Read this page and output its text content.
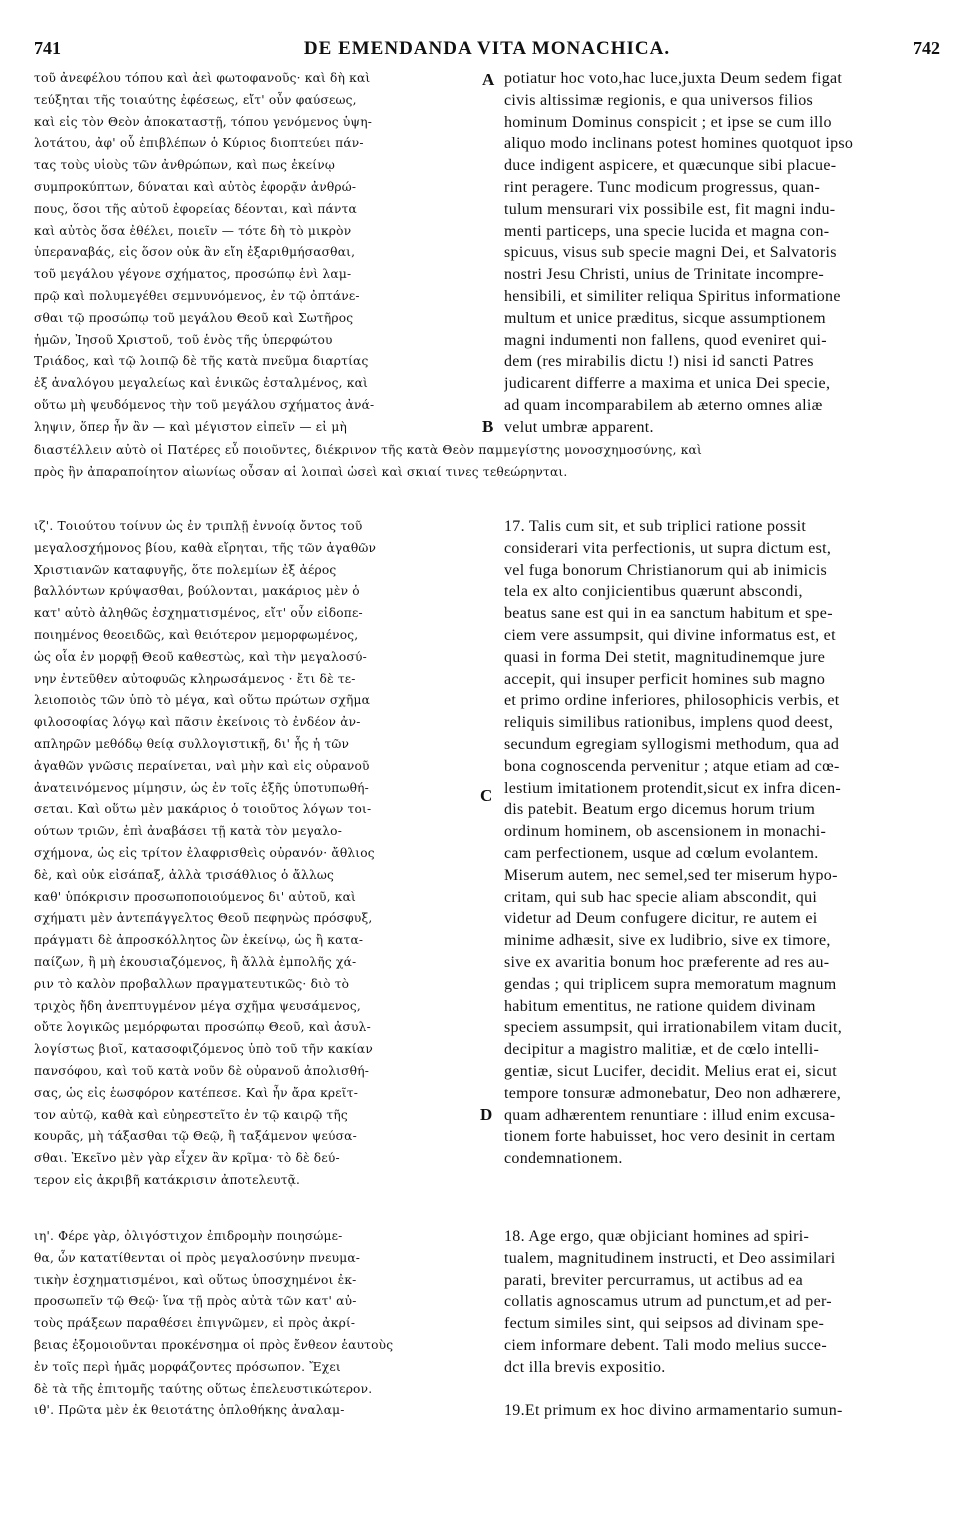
741	DE EMENDANDA VITA MONACHICA.	742
τοῦ ἀνεφέλου τόπου καὶ ἀεὶ φωτοφανοῦς· καὶ δὴ καὶ
τεύξηται τῆς τοιαύτης ἐφέσεως, εἴτ' οὖν φαύσεως,
καὶ εἰς τὸν Θεὸν ἀποκαταστῇ, τόπου γενόμενος ὑψη-
λοτάτου, ἀφ' οὗ ἐπιβλέπων ὁ Κύριος διοπτεύει πάν-
τας τοὺς υἱοὺς τῶν ἀνθρώπων, καὶ πως ἐκείνῳ
συμπροκύπτων, δύναται καὶ αὐτὸς ἐφορᾷν ἀνθρώ-
πους, ὅσοι τῆς αὐτοῦ ἐφορείας δέονται, καὶ πάντα
καὶ αὐτὸς ὅσα ἐθέλει, ποιεῖν — τότε δὴ τὸ μικρὸν
ὑπεραναβάς, εἰς ὅσον οὐκ ἂν εἴη ἐξαριθμήσασθαι,
τοῦ μεγάλου γέγονε σχήματος, προσώπῳ ἑνὶ λαμ-
πρῷ καὶ πολυμεγέθει σεμνυνόμενος, ἐν τῷ ὀπτάνε-
σθαι τῷ προσώπῳ τοῦ μεγάλου Θεοῦ καὶ Σωτῆρος
ἡμῶν, Ἰησοῦ Χριστοῦ, τοῦ ἑνὸς τῆς ὑπερφώτου
Τριάδος, καὶ τῷ λοιπῷ δὲ τῆς κατὰ πνεῦμα διαρτίας
ἐξ ἀναλόγου μεγαλείως καὶ ἑνικῶς ἐσταλμένος, καὶ
οὕτω μὴ ψευδόμενος τὴν τοῦ μεγάλου σχήματος ἀνά-
ληψιν, ὅπερ ἦν ἂν — καὶ μέγιστον εἰπεῖν — εἰ μὴ
potiatur hoc voto,hac luce,juxta Deum sedem figat
civis altissimæ regionis, e qua universos filios
hominum Dominus conspicit ; et ipse se cum illo
aliquo modo inclinans potest homines quotquot ipso
duce indigent aspicere, et quæcunque sibi placue-
rint peragere. Tunc modicum progressus, quan-
tulum mensurari vix possibile est, fit magni indu-
menti particeps, una specie lucida et magna con-
spicuus, visus sub specie magni Dei, et Salvatoris
nostri Jesu Christi, unius de Trinitate incompre-
hensibili, et similiter reliqua Spiritus informatione
multum et unice præditus, sicque assumptionem
magni indumenti non fallens, quod eveniret qui-
dem (res mirabilis dictu !) nisi id sancti Patres
judicarent differre a maxima et unica Dei specie,
ad quam incomparabilem ab æterno omnes aliæ
velut umbræ apparent.
διαστέλλειν αὐτὸ οἱ Πατέρες εὖ ποιοῦντες, διέκρινον τῆς κατὰ Θεὸν παμμεγίστης μονοσχημοσύνης, καὶ
πρὸς ἣν ἀπαραποίητον αἰωνίως οὖσαν αἱ λοιπαὶ ὡσεὶ καὶ σκιαί τινες τεθεώρηνται.
ιζ'. Τοιούτου τοίνυν ὡς ἐν τριπλῇ ἐννοίᾳ ὄντος τοῦ
μεγαλοσχήμονος βίου, καθὰ εἴρηται, τῆς τῶν ἀγαθῶν
Χριστιανῶν καταφυγῆς, ὅτε πολεμίων ἐξ ἀέρος
βαλλόντων κρύψασθαι, βούλονται, μακάριος μὲν ὁ
κατ' αὐτὸ ἀληθῶς ἐσχηματισμένος, εἴτ' οὖν εἰδοπε-
ποιημένος θεοειδῶς, καὶ θειότερον μεμορφωμένος,
ὡς οἷα ἐν μορφῇ Θεοῦ καθεστὼς, καὶ τὴν μεγαλοσύ-
νην ἐντεῦθεν αὐτοφυῶς κληρωσάμενος · ἔτι δὲ τε-
λειοποιὸς τῶν ὑπὸ τὸ μέγα, καὶ οὕτω πρώτων σχῆμα
φιλοσοφίας λόγῳ καὶ πᾶσιν ἐκείνοις τὸ ἐνδέον ἀν-
απληρῶν μεθόδῳ θείᾳ συλλογιστικῇ, δι' ἧς ἡ τῶν
ἀγαθῶν γνῶσις περαίνεται, ναὶ μὴν καὶ εἰς οὐρανοῦ
ἀνατεινόμενος μίμησιν, ὡς ἐν τοῖς ἑξῆς ὑποτυπωθή-
σεται. Καὶ οὕτω μὲν μακάριος ὁ τοιοῦτος λόγων τοι-
ούτων τριῶν, ἐπὶ ἀναβάσει τῇ κατὰ τὸν μεγαλο-
σχήμονα, ὡς εἰς τρίτον ἐλαφρισθεὶς οὐρανόν· ἄθλιος
δὲ, καὶ οὐκ εἰσάπαξ, ἀλλὰ τρισάθλιος ὁ ἄλλως
καθ' ὑπόκρισιν προσωποποιούμενος δι' αὐτοῦ, καὶ
σχήματι μὲν ἀντεπάγγελτος Θεοῦ πεφηνὼς πρόσφυξ,
πράγματι δὲ ἀπροσκόλλητος ὢν ἐκείνῳ, ὡς ἢ κατα-
παίζων, ἢ μὴ ἑκουσιαζόμενος, ἢ ἄλλὰ ἐμπολῆς χά-
ριν τὸ καλὸν προβαλλων πραγματευτικῶς· διὸ τὸ
τριχὸς ἤδη ἀνεπτυγμένον μέγα σχῆμα ψευσάμενος,
οὔτε λογικῶς μεμόρφωται προσώπῳ Θεοῦ, καὶ ἀσυλ-
λογίστως βιοῖ, κατασοφιζόμενος ὑπὸ τοῦ τῆν κακίαν
πανσόφου, καὶ τοῦ κατὰ νοῦν δὲ οὐρανοῦ ἀπολισθή-
σας, ὡς εἰς ἑωσφόρον κατέπεσε. Καὶ ἦν ἄρα κρεῖτ-
τον αὐτῷ, καθὰ καὶ εὐηρεστεῖτο ἐν τῷ καιρῷ τῆς
κουρᾶς, μὴ τάξασθαι τῷ Θεῷ, ἢ ταξάμενον ψεύσα-
σθαι. Ἐκεῖνο μὲν γὰρ εἶχεν ἂν κρῖμα· τὸ δὲ δεύ-
τερον εἰς ἀκριβῆ κατάκρισιν ἀποτελευτᾷ.
17. Talis cum sit, et sub triplici ratione possit
considerari vita perfectionis, ut supra dictum est,
vel fuga bonorum Christianorum qui ab inimicis
tela ex alto conjicientibus quærunt abscondi,
beatus sane est qui in ea sanctum habitum et spe-
ciem vere assumpsit, qui divine informatus est, et
quasi in forma Dei stetit, magnitudinemque jure
accepit, qui insuper perficit homines sub magno
et primo ordine inferiores, philosophicis verbis, et
reliquis similibus rationibus, implens quod deest,
secundum egregiam syllogismi methodum, qua ad
bona cognoscenda pervenitur ; atque etiam ad cœ-
lestium imitationem protendit,sicut ex infra dicen-
dis patebit. Beatum ergo dicemus horum trium
ordinum hominem, ob ascensionem in monachi-
cam perfectionem, usque ad cœlum evolantem.
Miserum autem, nec semel,sed ter miserum hypo-
critam, qui sub hac specie aliam abscondit, qui
videtur ad Deum confugere dicitur, re autem ei
minime adhæsit, sive ex ludibrio, sive ex timore,
sive ex avaritia bonum hoc præferente ad res au-
gendas ; qui triplicem supra memoratum magnum
habitum ementitus, ne ratione quidem divinam
speciem assumpsit, qui irrationabilem vitam ducit,
decipitur a magistro malitiæ, et de cœlo intelli-
gentiæ, sicut Lucifer, decidit. Melius erat ei, sicut
tempore tonsuræ admonebatur, Deo non adhærere,
quam adhærentem renuntiare : illud enim excusa-
tionem forte habuisset, hoc vero desinit in certam
condemnationem.
ιη'. Φέρε γὰρ, ὀλιγόστιχον ἐπιδρομὴν ποιησώμε-
θα, ὧν κατατίθενται οἱ πρὸς μεγαλοσύνην πνευμα-
τικὴν ἐσχηματισμένοι, καὶ οὕτως ὑποσχημένοι ἐκ-
προσωπεῖν τῷ Θεῷ· ἵνα τῇ πρὸς αὐτὰ τῶν κατ' αὐ-
τοὺς πράξεων παραθέσει ἐπιγνῶμεν, εἰ πρὸς ἀκρί-
βειας ἐξομοιοῦνται προκένσημα οἱ πρὸς ἔνθεον ἑαυτοὺς
ἐν τοῖς περὶ ἡμᾶς μορφάζοντες πρόσωπον. Ἔχει
δὲ τὰ τῆς ἐπιτομῆς ταύτης οὕτως ἐπελευστικώτερον.
ιθ'. Πρῶτα μὲν ἐκ θειοτάτης ὁπλοθήκης ἀναλαμ-
18. Age ergo, quæ objiciant homines ad spiri-
tualem, magnitudinem instructi, et Deo assimilari
parati, breviter percurramus, ut actibus ad ea
collatis agnoscamus utrum ad punctum,et ad per-
fectum similes sint, qui seipsos ad divinam spe-
ciem informare debent. Tali modo melius succe-
dct illa brevis expositio.
19.Et primum ex hoc divino armamentario sumun-
A
B
C
D
